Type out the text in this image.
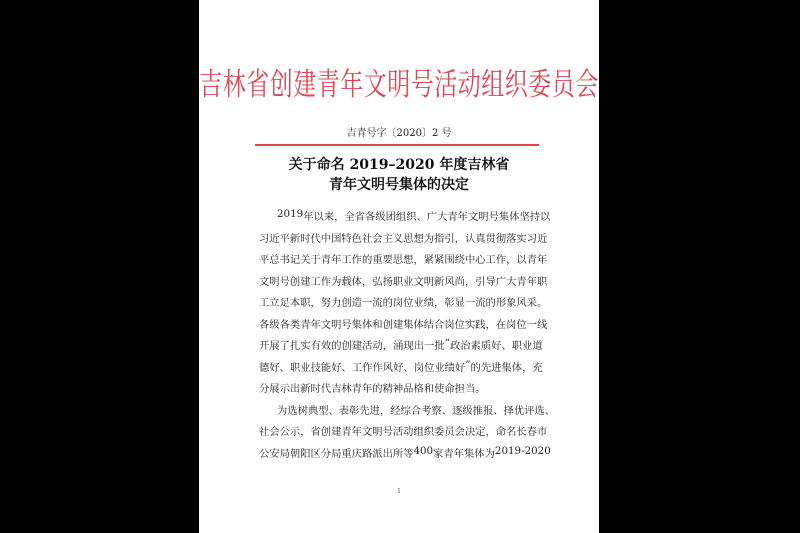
吉林省创建青年文明号活动组织委员会
吉青号字〔2020〕2 号
关于命名 2019–2020 年度吉林省
青年文明号集体的决定
2019 年 以 来 ， 全 省 各 级 团 组 织 、 广 大 青 年 文 明 号 集 体 坚 持 以
习 近 平 新 时 代 中 国 特 色 社 会 主 义 思 想 为 指 引 ， 认 真 贯 彻 落 实 习 近
平 总 书 记 关 于 青 年 工 作 的 重 要 思 想 ， 紧 紧 围 绕 中 心 工 作 ， 以 青 年
文 明 号 创 建 工 作 为 载 体 ， 弘 扬 职 业 文 明 新 风 尚 ， 引 导 广 大 青 年 职
工 立 足 本 职 ， 努 力 创 造 一 流 的 岗 位 业 绩 ， 彰 显 一 流 的 形 象 风 采 。
各 级 各 类 青 年 文 明 号 集 体 和 创 建 集 体 结 合 岗 位 实 践 ， 在 岗 位 一 线
开 展 了 扎 实 有 效 的 创 建 活 动 ， 涌 现 出 一 批 “ 政 治 素 质 好 、 职 业 道
德 好 、 职 业 技 能 好 、 工 作 作 风 好 、 岗 位 业 绩 好 ” 的 先 进 集 体 ， 充
分 展 示 出 新 时 代 吉 林 青 年 的 精 神 品 格 和 使 命 担 当 。
为 选 树 典 型 、 表 彰 先 进 ， 经 综 合 考 察 、 逐 级 推 报 、 择 优 评 选 、
社 会 公 示 ， 省 创 建 青 年 文 明 号 活 动 组 织 委 员 会 决 定 ， 命 名 长 春 市
公 安 局 朝 阳 区 分 局 重 庆 路 派 出 所 等 400 家 青 年 集 体 为 2019-2020
1
